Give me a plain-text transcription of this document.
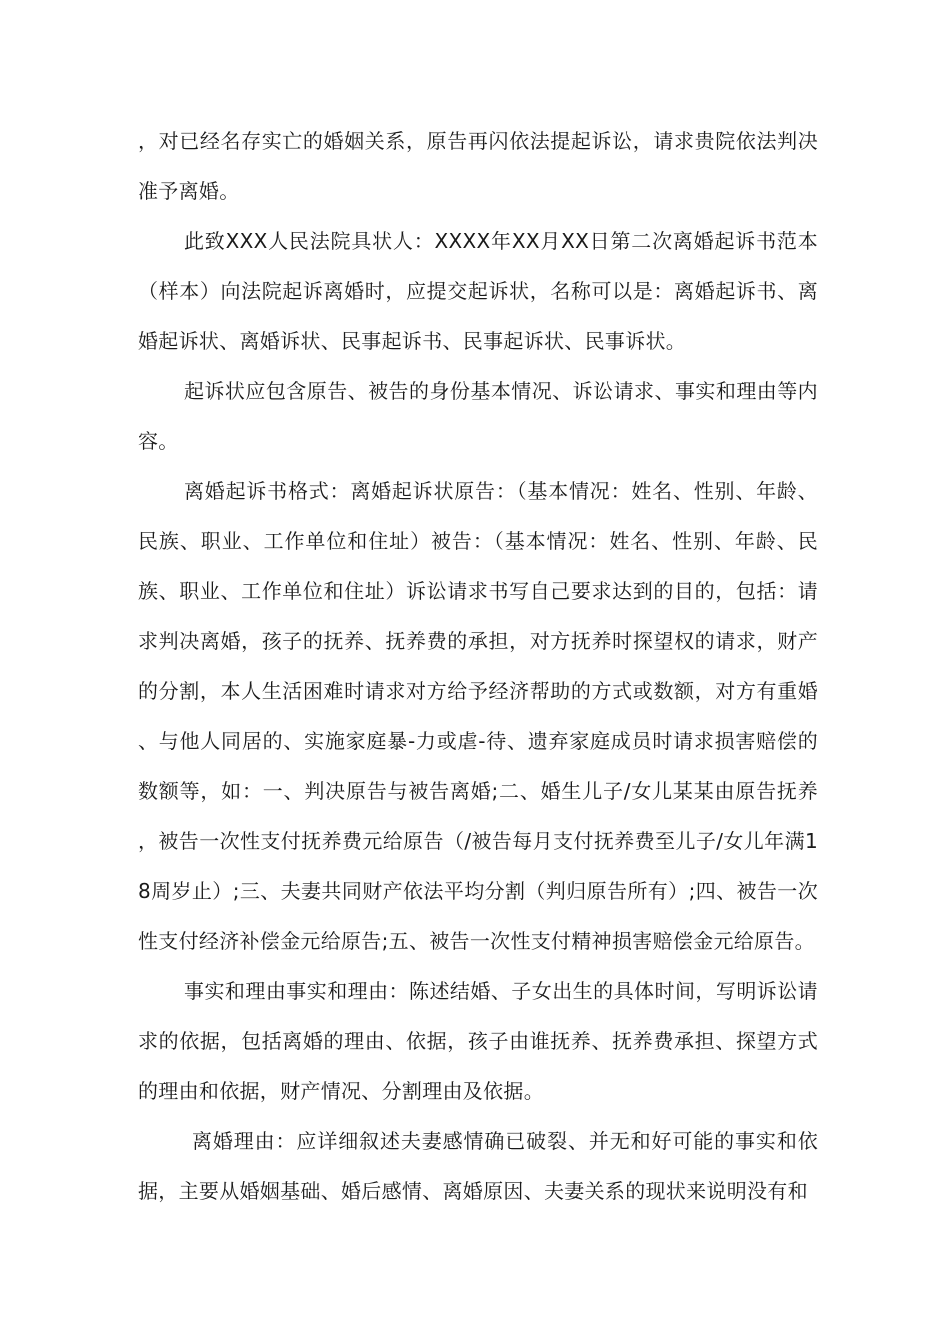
，对已经名存实亡的婚姻关系，原告再闪依法提起诉讼，请求贵院依法判决准予离婚。

此致XXX人民法院具状人：XXXX年XX月XX日第二次离婚起诉书范本（样本）向法院起诉离婚时，应提交起诉状，名称可以是：离婚起诉书、离婚起诉状、离婚诉状、民事起诉书、民事起诉状、民事诉状。

起诉状应包含原告、被告的身份基本情况、诉讼请求、事实和理由等内容。

离婚起诉书格式：离婚起诉状原告：（基本情况：姓名、性别、年龄、民族、职业、工作单位和住址）被告：（基本情况：姓名、性别、年龄、民族、职业、工作单位和住址）诉讼请求书写自己要求达到的目的，包括：请求判决离婚，孩子的抚养、抚养费的承担，对方抚养时探望权的请求，财产的分割，本人生活困难时请求对方给予经济帮助的方式或数额，对方有重婚、与他人同居的、实施家庭暴-力或虐-待、遗弃家庭成员时请求损害赔偿的数额等，如：一、判决原告与被告离婚;二、婚生儿子/女儿某某由原告抚养，被告一次性支付抚养费元给原告（/被告每月支付抚养费至儿子/女儿年满18周岁止）;三、夫妻共同财产依法平均分割（判归原告所有）;四、被告一次性支付经济补偿金元给原告;五、被告一次性支付精神损害赔偿金元给原告。

事实和理由事实和理由：陈述结婚、子女出生的具体时间，写明诉讼请求的依据，包括离婚的理由、依据，孩子由谁抚养、抚养费承担、探望方式的理由和依据，财产情况、分割理由及依据。

离婚理由：应详细叙述夫妻感情确已破裂、并无和好可能的事实和依据，主要从婚姻基础、婚后感情、离婚原因、夫妻关系的现状来说明没有和
